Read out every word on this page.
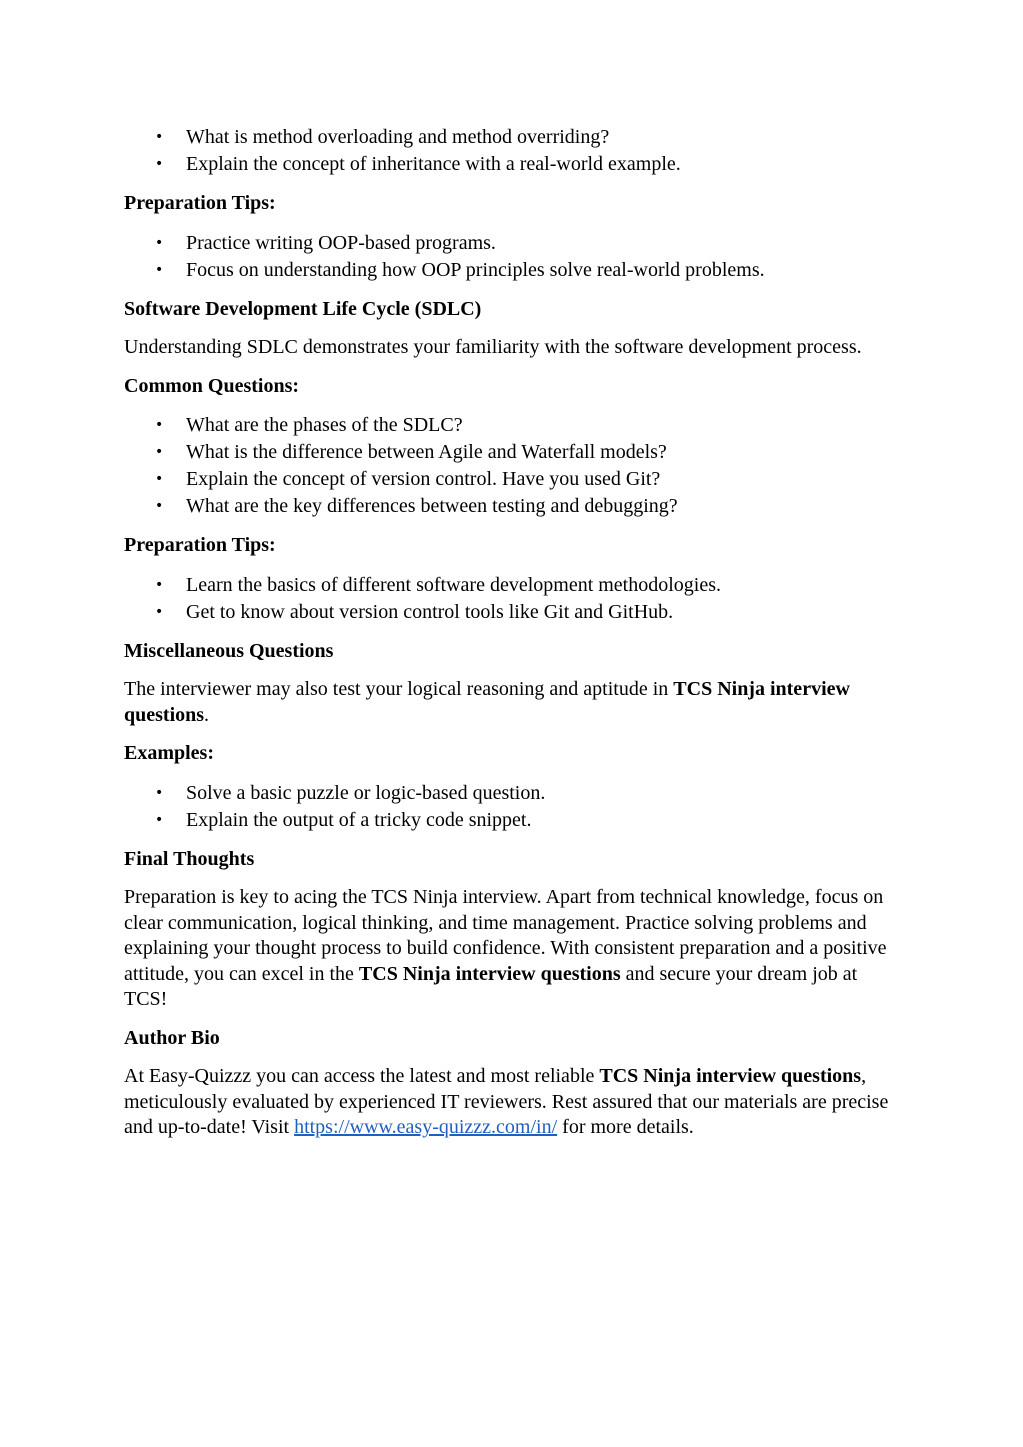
• What is method overloading and method overriding?
• Explain the concept of inheritance with a real-world example.

Preparation Tips:

• Practice writing OOP-based programs.
• Focus on understanding how OOP principles solve real-world problems.

Software Development Life Cycle (SDLC)

Understanding SDLC demonstrates your familiarity with the software development process.

Common Questions:

• What are the phases of the SDLC?
• What is the difference between Agile and Waterfall models?
• Explain the concept of version control. Have you used Git?
• What are the key differences between testing and debugging?

Preparation Tips:

• Learn the basics of different software development methodologies.
• Get to know about version control tools like Git and GitHub.

Miscellaneous Questions

The interviewer may also test your logical reasoning and aptitude in TCS Ninja interview questions.

Examples:

• Solve a basic puzzle or logic-based question.
• Explain the output of a tricky code snippet.

Final Thoughts

Preparation is key to acing the TCS Ninja interview. Apart from technical knowledge, focus on clear communication, logical thinking, and time management. Practice solving problems and explaining your thought process to build confidence. With consistent preparation and a positive attitude, you can excel in the TCS Ninja interview questions and secure your dream job at TCS!

Author Bio

At Easy-Quizzz you can access the latest and most reliable TCS Ninja interview questions, meticulously evaluated by experienced IT reviewers. Rest assured that our materials are precise and up-to-date! Visit https://www.easy-quizzz.com/in/ for more details.
